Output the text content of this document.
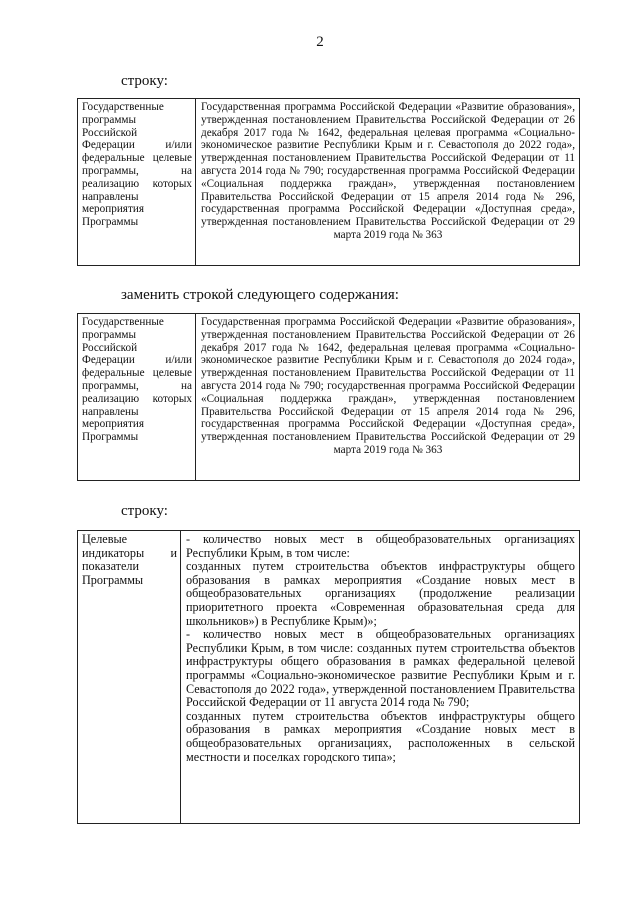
2
строку:
Государственные программы Российской Федерации и/или федеральные целевые программы, на реализацию которых направлены мероприятия Программы
Государственная программа Российской Федерации «Развитие образования», утвержденная постановлением Правительства Российской Федерации от 26 декабря 2017 года № 1642, федеральная целевая программа «Социально-экономическое развитие Республики Крым и г. Севастополя до 2022 года», утвержденная постановлением Правительства Российской Федерации от 11 августа 2014 года № 790; государственная программа Российской Федерации «Социальная поддержка граждан», утвержденная постановлением Правительства Российской Федерации от 15 апреля 2014 года № 296, государственная программа Российской Федерации «Доступная среда», утвержденная постановлением Правительства Российской Федерации от 29 марта 2019 года № 363
заменить строкой следующего содержания:
Государственные программы Российской Федерации и/или федеральные целевые программы, на реализацию которых направлены мероприятия Программы
Государственная программа Российской Федерации «Развитие образования», утвержденная постановлением Правительства Российской Федерации от 26 декабря 2017 года № 1642, федеральная целевая программа «Социально-экономическое развитие Республики Крым и г. Севастополя до 2024 года», утвержденная постановлением Правительства Российской Федерации от 11 августа 2014 года № 790; государственная программа Российской Федерации «Социальная поддержка граждан», утвержденная постановлением Правительства Российской Федерации от 15 апреля 2014 года № 296, государственная программа Российской Федерации «Доступная среда», утвержденная постановлением Правительства Российской Федерации от 29 марта 2019 года № 363
строку:
Целевые индикаторы и показатели Программы
- количество новых мест в общеобразовательных организациях Республики Крым, в том числе:
созданных путем строительства объектов инфраструктуры общего образования в рамках мероприятия «Создание новых мест в общеобразовательных организациях (продолжение реализации приоритетного проекта «Современная образовательная среда для школьников») в Республике Крым)»;
- количество новых мест в общеобразовательных организациях Республики Крым, в том числе: созданных путем строительства объектов инфраструктуры общего образования в рамках федеральной целевой программы «Социально-экономическое развитие Республики Крым и г. Севастополя до 2022 года», утвержденной постановлением Правительства Российской Федерации от 11 августа 2014 года № 790;
созданных путем строительства объектов инфраструктуры общего образования в рамках мероприятия «Создание новых мест в общеобразовательных организациях, расположенных в сельской местности и поселках городского типа»;
